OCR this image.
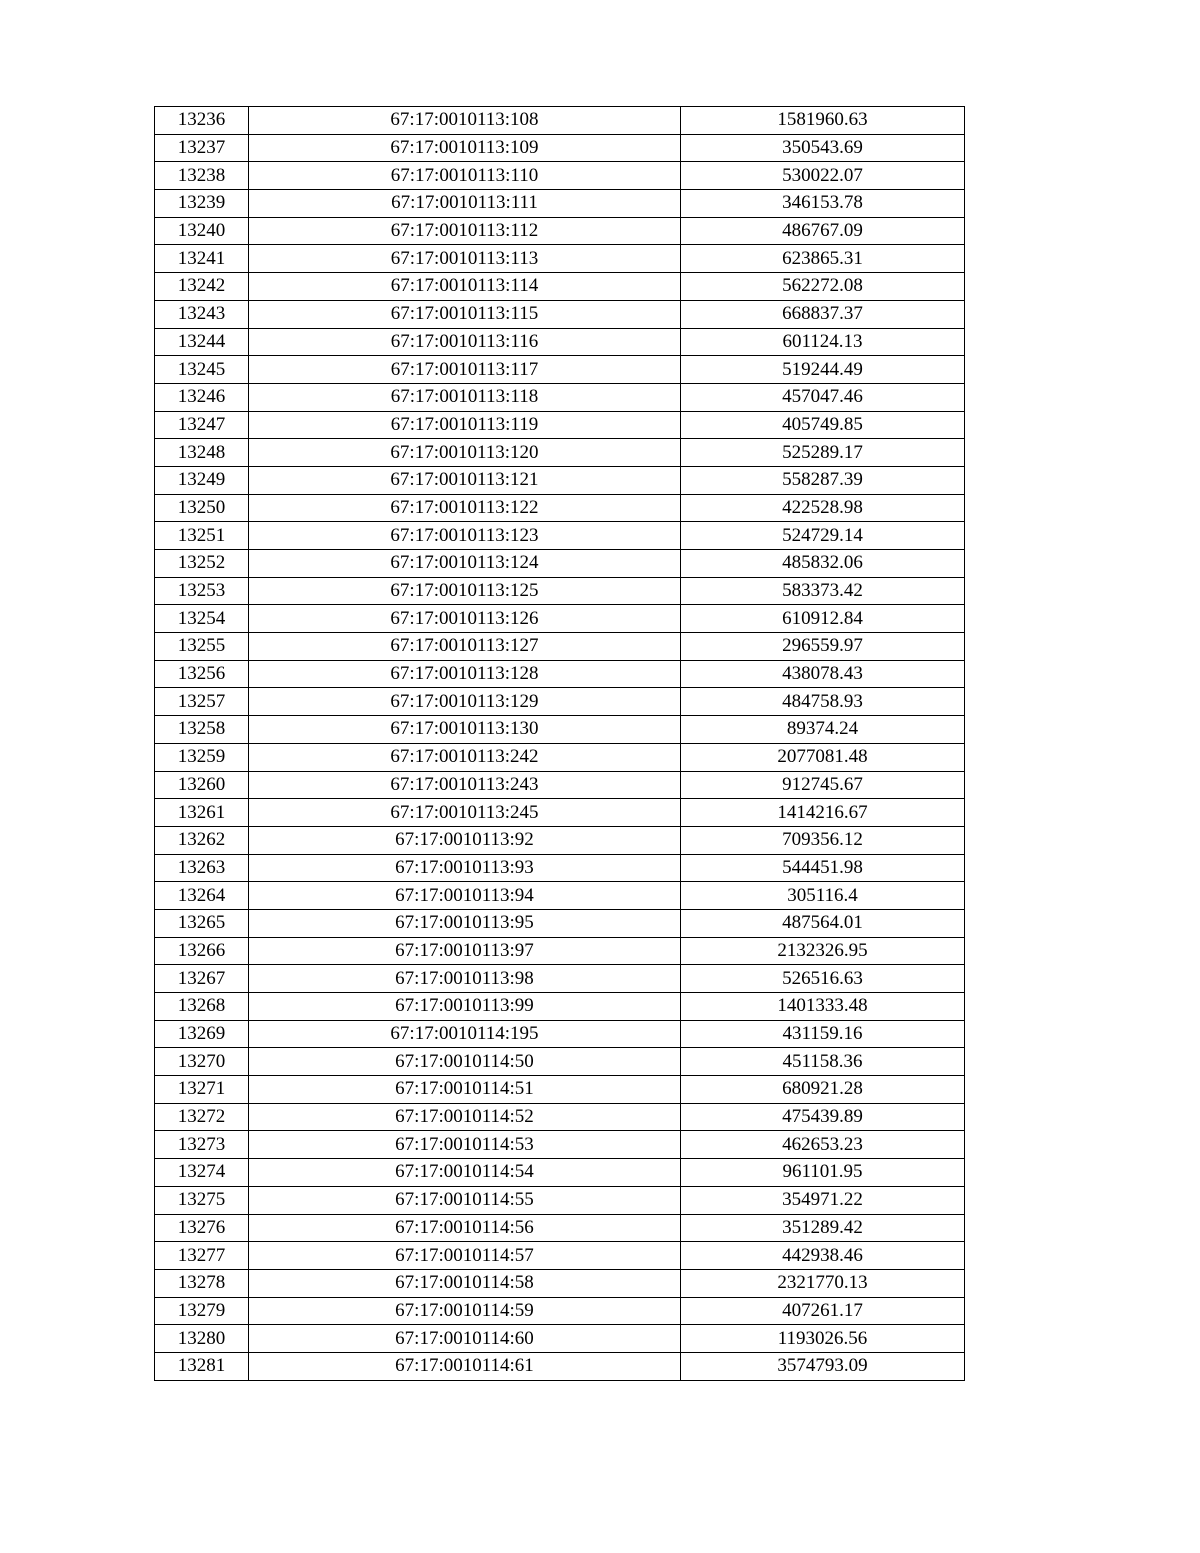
13236	67:17:0010113:108	1581960.63
13237	67:17:0010113:109	350543.69
13238	67:17:0010113:110	530022.07
13239	67:17:0010113:111	346153.78
13240	67:17:0010113:112	486767.09
13241	67:17:0010113:113	623865.31
13242	67:17:0010113:114	562272.08
13243	67:17:0010113:115	668837.37
13244	67:17:0010113:116	601124.13
13245	67:17:0010113:117	519244.49
13246	67:17:0010113:118	457047.46
13247	67:17:0010113:119	405749.85
13248	67:17:0010113:120	525289.17
13249	67:17:0010113:121	558287.39
13250	67:17:0010113:122	422528.98
13251	67:17:0010113:123	524729.14
13252	67:17:0010113:124	485832.06
13253	67:17:0010113:125	583373.42
13254	67:17:0010113:126	610912.84
13255	67:17:0010113:127	296559.97
13256	67:17:0010113:128	438078.43
13257	67:17:0010113:129	484758.93
13258	67:17:0010113:130	89374.24
13259	67:17:0010113:242	2077081.48
13260	67:17:0010113:243	912745.67
13261	67:17:0010113:245	1414216.67
13262	67:17:0010113:92	709356.12
13263	67:17:0010113:93	544451.98
13264	67:17:0010113:94	305116.4
13265	67:17:0010113:95	487564.01
13266	67:17:0010113:97	2132326.95
13267	67:17:0010113:98	526516.63
13268	67:17:0010113:99	1401333.48
13269	67:17:0010114:195	431159.16
13270	67:17:0010114:50	451158.36
13271	67:17:0010114:51	680921.28
13272	67:17:0010114:52	475439.89
13273	67:17:0010114:53	462653.23
13274	67:17:0010114:54	961101.95
13275	67:17:0010114:55	354971.22
13276	67:17:0010114:56	351289.42
13277	67:17:0010114:57	442938.46
13278	67:17:0010114:58	2321770.13
13279	67:17:0010114:59	407261.17
13280	67:17:0010114:60	1193026.56
13281	67:17:0010114:61	3574793.09
